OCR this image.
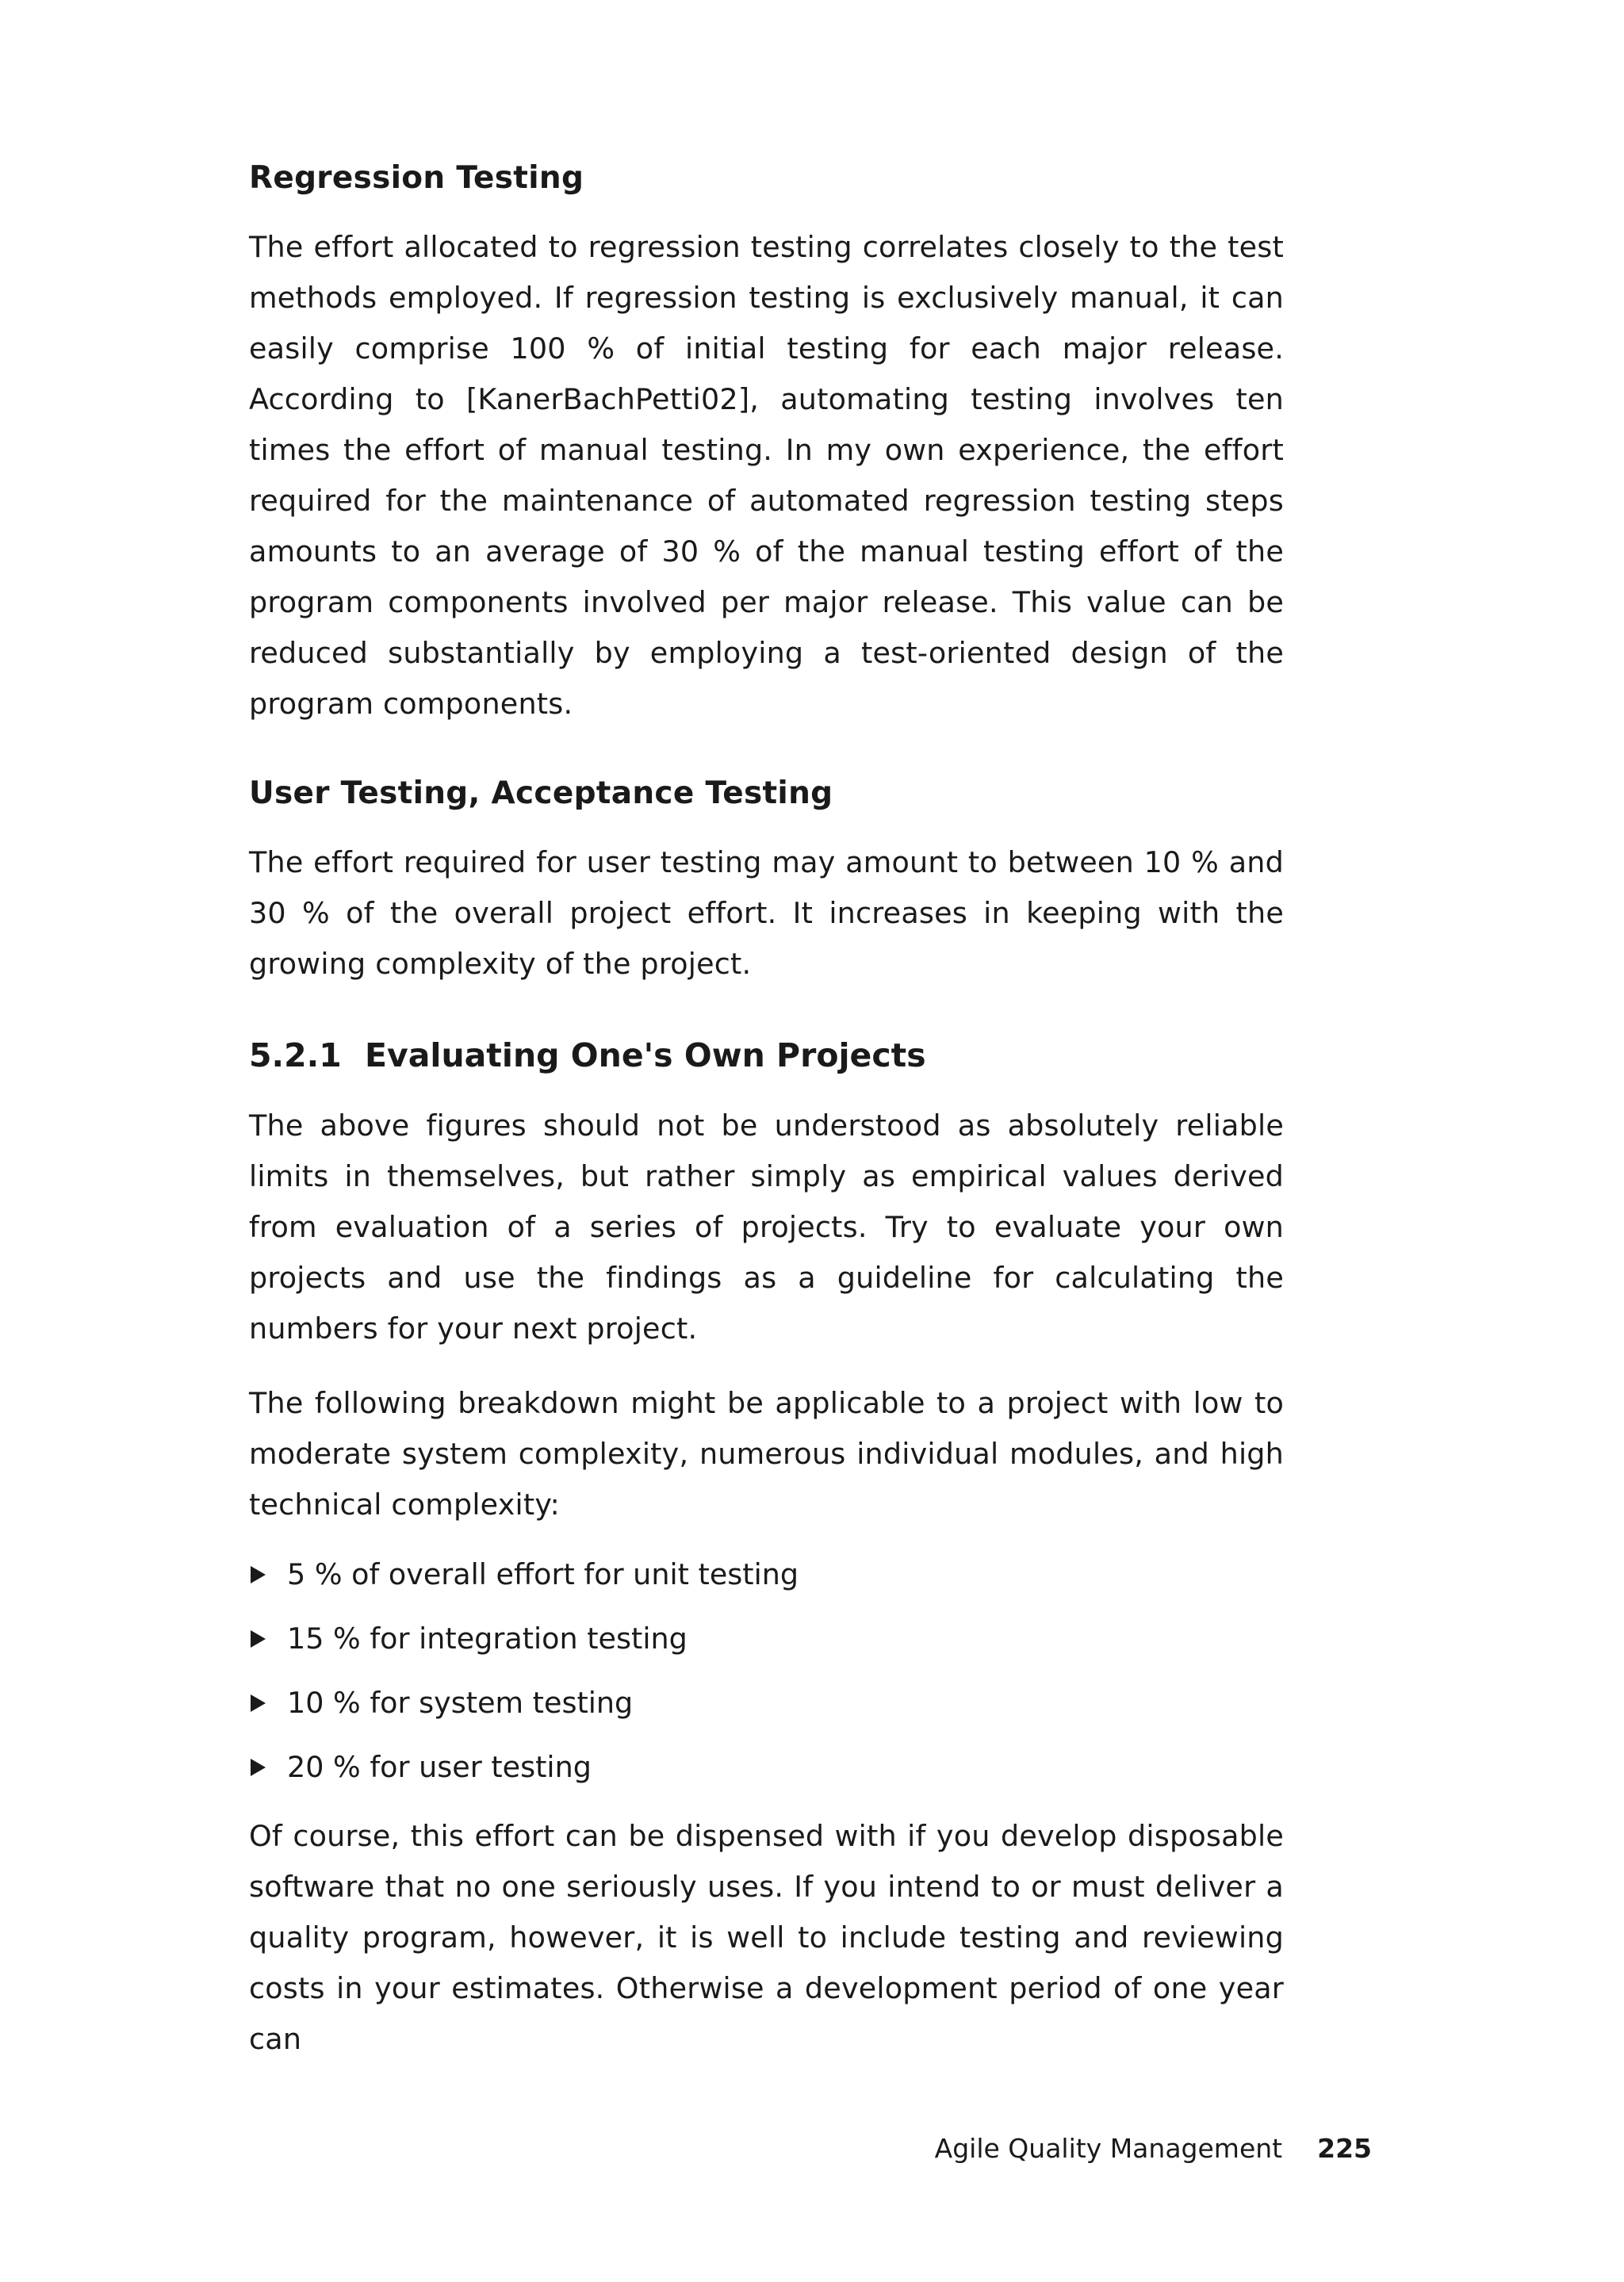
Regression Testing

The effort allocated to regression testing correlates closely to the test methods employed. If regression testing is exclusively manual, it can easily comprise 100 % of initial testing for each major release. According to [KanerBachPetti02], automating testing involves ten times the effort of manual testing. In my own experience, the effort required for the maintenance of automated regression testing steps amounts to an average of 30 % of the manual testing effort of the program components involved per major release. This value can be reduced substantially by employing a test-oriented design of the program components.

User Testing, Acceptance Testing

The effort required for user testing may amount to between 10 % and 30 % of the overall project effort. It increases in keeping with the growing complexity of the project.

5.2.1 Evaluating One's Own Projects

The above figures should not be understood as absolutely reliable limits in themselves, but rather simply as empirical values derived from evaluation of a series of projects. Try to evaluate your own projects and use the findings as a guideline for calculating the numbers for your next project.

The following breakdown might be applicable to a project with low to moderate system complexity, numerous individual modules, and high technical complexity:

5 % of overall effort for unit testing
15 % for integration testing
10 % for system testing
20 % for user testing

Of course, this effort can be dispensed with if you develop disposable software that no one seriously uses. If you intend to or must deliver a quality program, however, it is well to include testing and reviewing costs in your estimates. Otherwise a development period of one year can

Agile Quality Management 225
